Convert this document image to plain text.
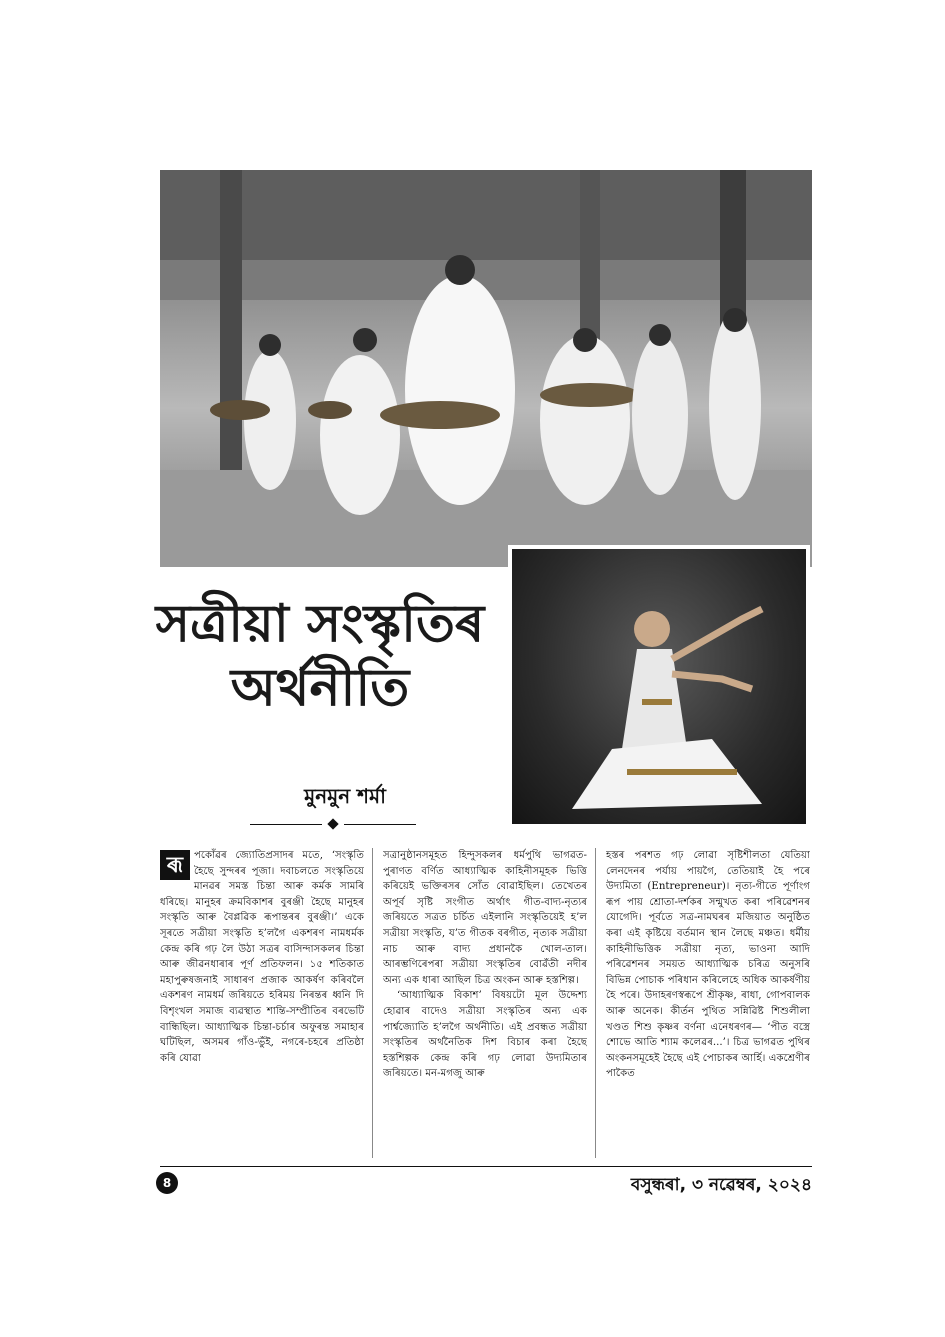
সত্ৰীয়া সংস্কৃতিৰ
অৰ্থনীতি
মুনমুন শৰ্মা
ৰূ	পকোঁৱৰ জ্যোতিপ্ৰসাদৰ মতে, ‘সংস্কৃতি হৈছে সুন্দৰৰ পূজা। দবাচলতে সংস্কৃতিয়ে মানৱৰ সমস্ত চিন্তা আৰু কৰ্মক সামৰি ধৰিছে। মানুহৰ ক্ৰমবিকাশৰ বুৰঞ্জী হৈছে মানুহৰ সংস্কৃতি আৰু বৈপ্লৱিক ৰূপান্তৰৰ বুৰঞ্জী।’ একে সূৰতে সত্ৰীয়া সংস্কৃতি হ’লগৈ একশৰণ নামধৰ্মক কেন্দ্ৰ কৰি গঢ় লৈ উঠা সত্ৰৰ বাসিন্দাসকলৰ চিন্তা আৰু জীৱনধাৰাৰ পূৰ্ণ প্ৰতিফলন। ১৫ শতিকাত মহাপুৰুষজনাই সাধাৰণ প্ৰজাক আকৰ্ষণ কৰিবলৈ একশৰণ নামধৰ্ম জৰিয়তে হৰিময় নিৰন্তৰ ধ্বনি দি বিশৃংখল সমাজ ব্যৱস্থাত শান্তি-সম্প্ৰীতিৰ বৰভেটি বান্ধিছিল। আধ্যাত্মিক চিন্তা-চৰ্চাৰ অফুৰন্ত সমাহাৰ ঘটিছিল, অসমৰ গাঁও-ভুঁই, নগৰে-চহৰে প্ৰতিষ্ঠা কৰি যোৱা

সত্ৰানুষ্ঠানসমূহত হিন্দুসকলৰ ধৰ্মপুথি ভাগৱত-পুৰাণত বৰ্ণিত আধ্যাত্মিক কাহিনীসমূহক ভিত্তি কৰিয়েই ভক্তিৰসৰ সোঁত বোৱাইছিল। তেখেতৰ অপূৰ্ব সৃষ্টি সংগীত অৰ্থাৎ গীত-বাদ্য-নৃত্যৰ জৰিয়তে সত্ৰত চৰ্চিত এইলানি সংস্কৃতিয়েই হ’ল সত্ৰীয়া সংস্কৃতি, য’ত গীতক বৰগীত, নৃত্যক সত্ৰীয়া নাচ আৰু বাদ্য প্ৰধানকৈ খোল-তাল। আৰম্ভণিৰেপৰা সত্ৰীয়া সংস্কৃতিৰ বোৱঁতী নদীৰ অন্য এক ধাৰা আছিল চিত্ৰ অংকন আৰু হস্তশিল্প।

‘আধ্যাত্মিক বিকাশ’ বিষয়টো মূল উদ্দেশ্য হোৱাৰ বাদেও সত্ৰীয়া সংস্কৃতিৰ অন্য এক পাৰ্শ্বজ্যোতি হ’লগৈ অৰ্থনীতি। এই প্ৰবন্ধত সত্ৰীয়া সংস্কৃতিৰ অৰ্থনৈতিক দিশ বিচাৰ কৰা হৈছে হস্তশিল্পক কেন্দ্ৰ কৰি গঢ় লোৱা উদ্যমিতাৰ জৰিয়তে। মন-মগজু আৰু

হস্তৰ পৰশত গঢ় লোৱা সৃষ্টিশীলতা যেতিয়া লেনদেনৰ পৰ্যায় পায়গৈ, তেতিয়াই হৈ পৰে উদ্যমিতা (Entrepreneur)। নৃত্য-গীতে পূৰ্ণাংগ ৰূপ পায় শ্ৰোতা-দৰ্শকৰ সন্মুখত কৰা পৰিৱেশনৰ যোগেদি। পূৰ্বতে সত্ৰ-নামঘৰৰ মজিয়াত অনুষ্ঠিত কৰা এই কৃষ্টিয়ে বৰ্তমান স্থান লৈছে মঞ্চত। ধৰ্মীয় কাহিনীভিত্তিক সত্ৰীয়া নৃত্য, ভাওনা আদি পৰিৱেশনৰ সময়ত আধ্যাত্মিক চৰিত্ৰ অনুসৰি বিভিন্ন পোচাক পৰিধান কৰিলেহে অধিক আকৰ্ষণীয় হৈ পৰে। উদাহৰণস্বৰূপে শ্ৰীকৃষ্ণ, ৰাধা, গোপবালক আৰু অনেক। কীৰ্তন পুথিত সন্নিৱিষ্ট শিশুলীলা খণ্ডত শিশু কৃষ্ণৰ বৰ্ণনা এনেধৰণৰ— ‘পীত বস্ত্ৰে শোভে আতি শ্যাম কলেৱৰ...’। চিত্ৰ ভাগৱত পুথিৰ অংকনসমূহেই হৈছে এই পোচাকৰ আৰ্হি। একশ্ৰেণীৰ পাকৈত

8	বসুন্ধৰা, ৩ নৱেম্বৰ, ২০২৪
